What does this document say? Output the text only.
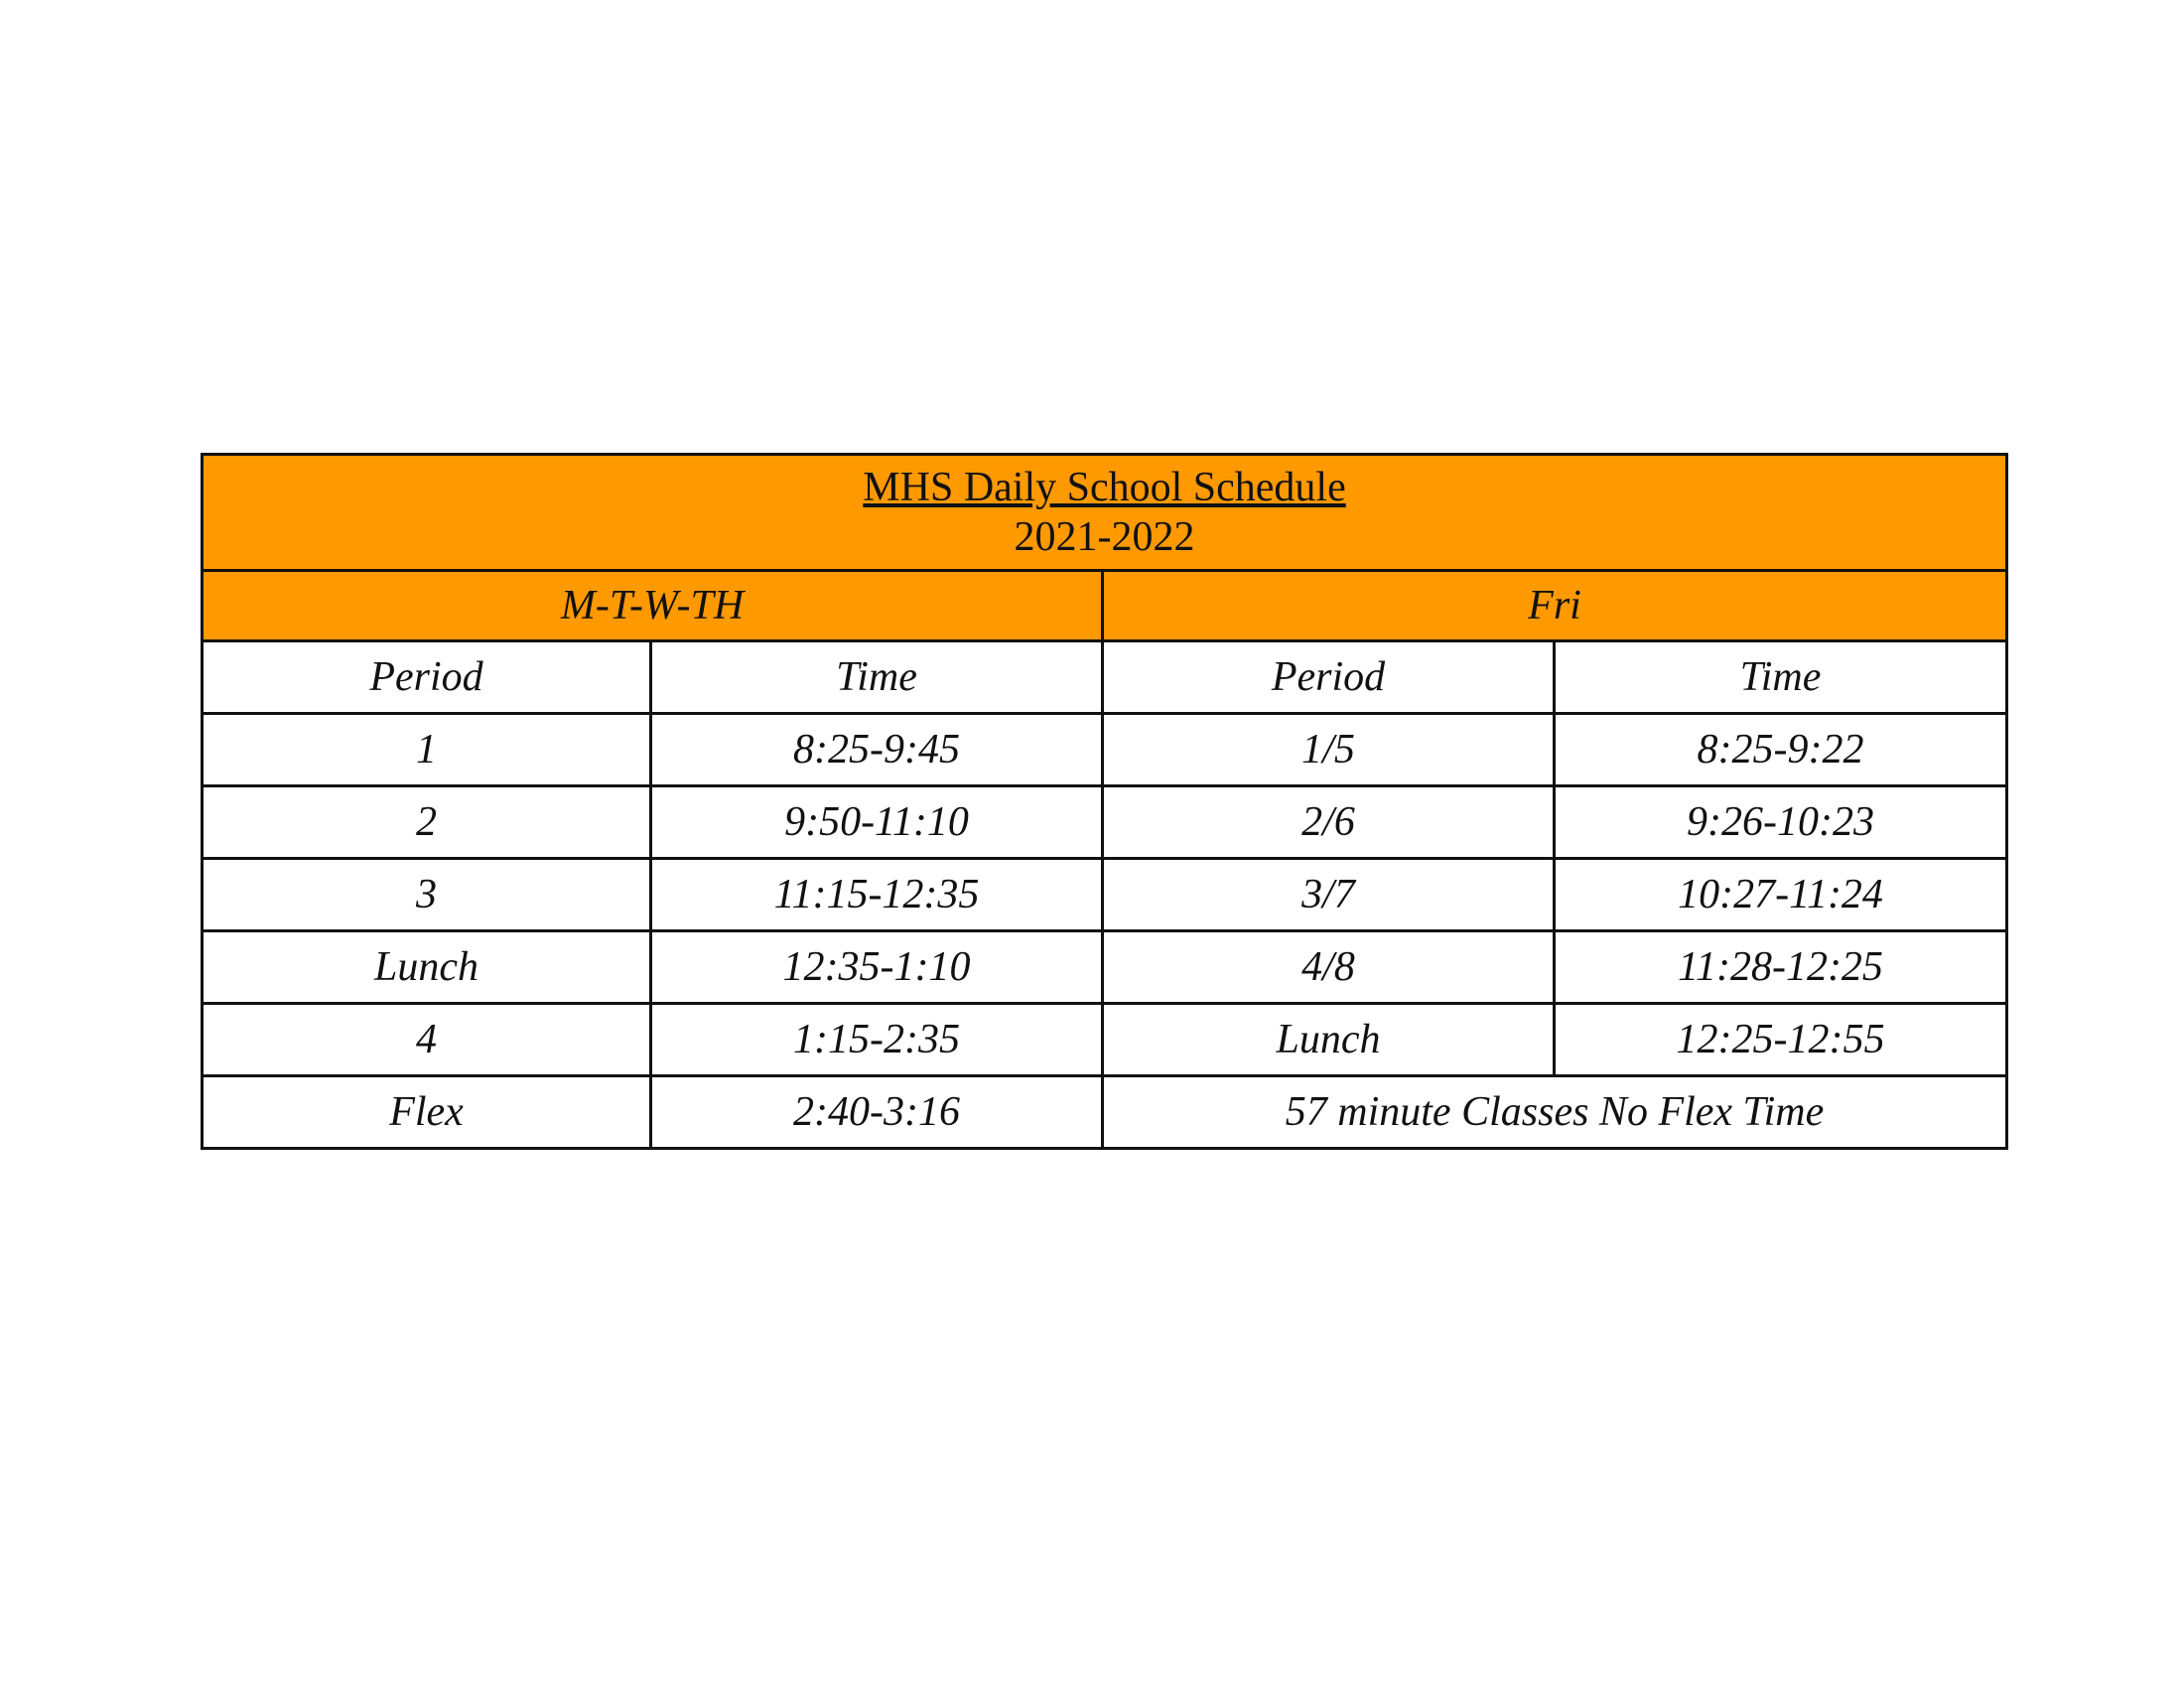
MHS Daily School Schedule
2021-2022			

M-T-W-TH		Fri	
Period	Time	Period	Time
1	8:25-9:45	1/5	8:25-9:22
2	9:50-11:10	2/6	9:26-10:23
3	11:15-12:35	3/7	10:27-11:24
Lunch	12:35-1:10	4/8	11:28-12:25
4	1:15-2:35	Lunch	12:25-12:55
Flex	2:40-3:16	57 minute Classes No Flex Time	
